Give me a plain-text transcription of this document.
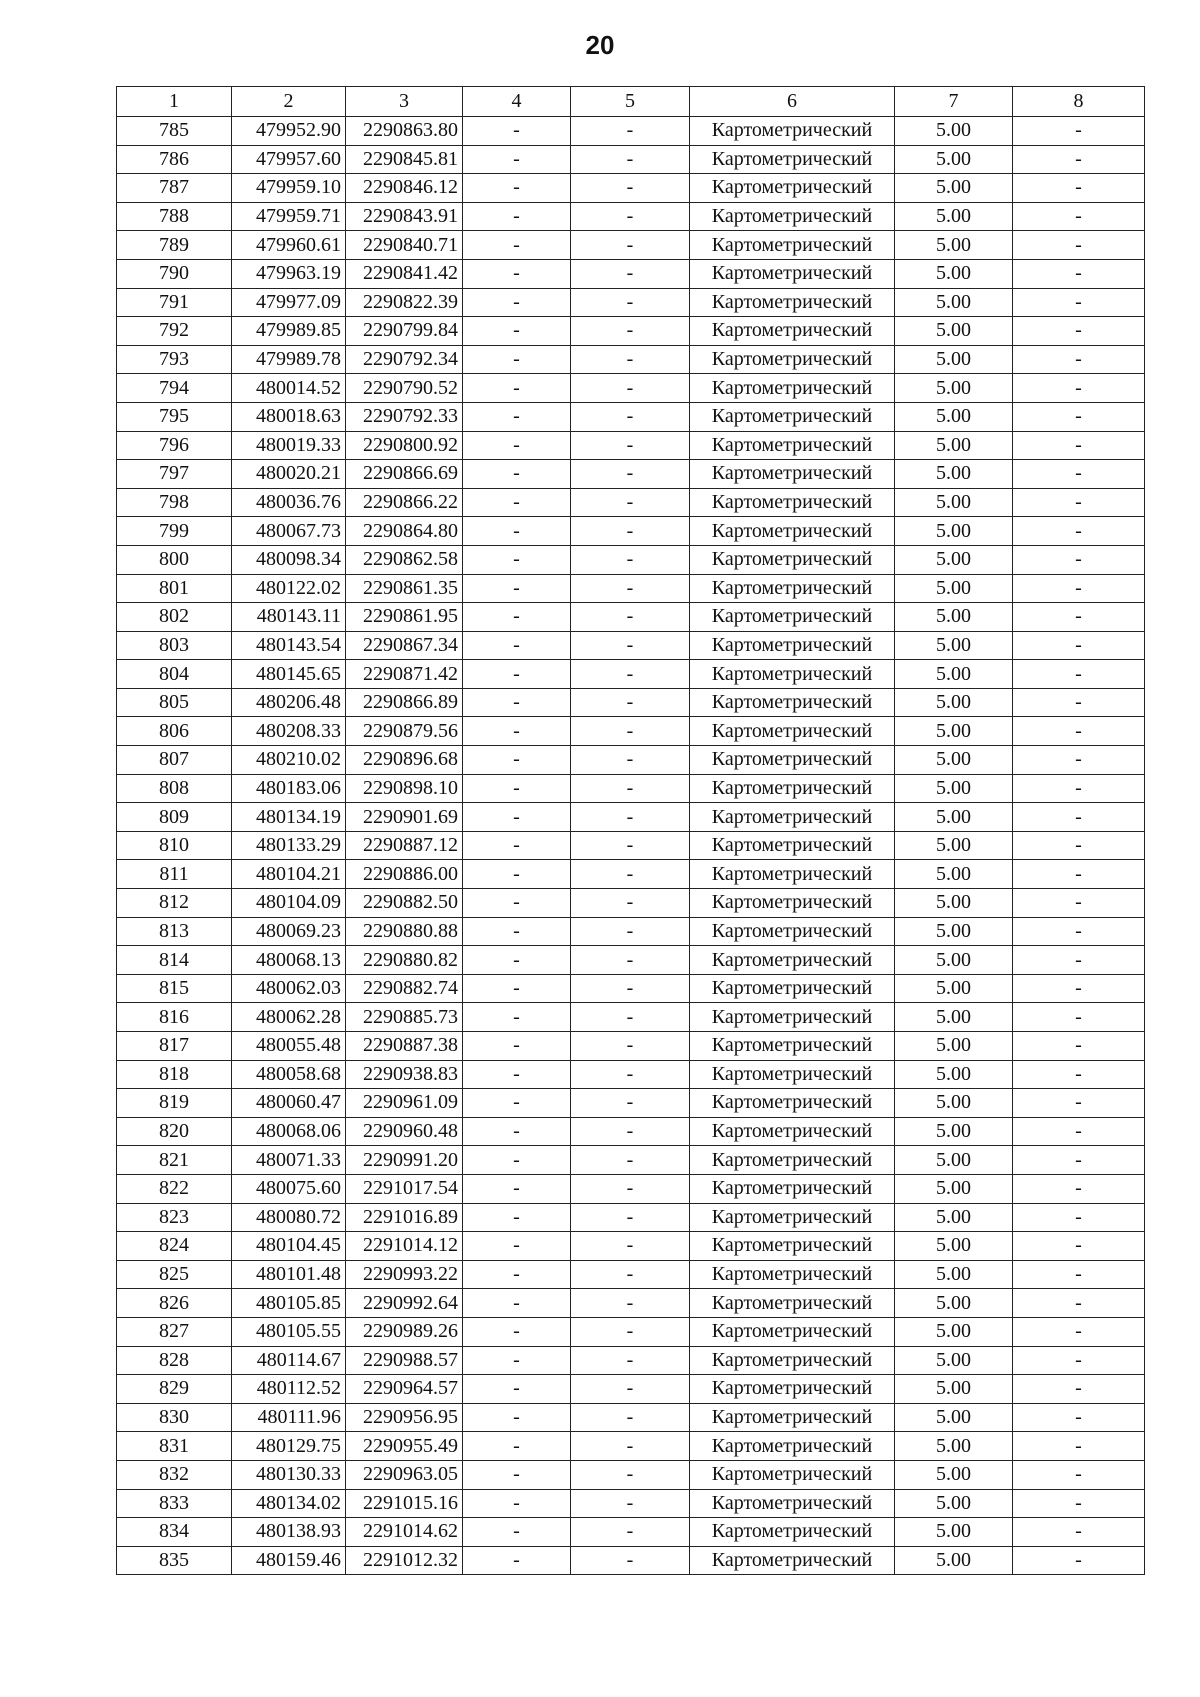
20
1	2	3	4	5	6	7	8
785	479952.90	2290863.80	-	-	Картометрический	5.00	-
786	479957.60	2290845.81	-	-	Картометрический	5.00	-
787	479959.10	2290846.12	-	-	Картометрический	5.00	-
788	479959.71	2290843.91	-	-	Картометрический	5.00	-
789	479960.61	2290840.71	-	-	Картометрический	5.00	-
790	479963.19	2290841.42	-	-	Картометрический	5.00	-
791	479977.09	2290822.39	-	-	Картометрический	5.00	-
792	479989.85	2290799.84	-	-	Картометрический	5.00	-
793	479989.78	2290792.34	-	-	Картометрический	5.00	-
794	480014.52	2290790.52	-	-	Картометрический	5.00	-
795	480018.63	2290792.33	-	-	Картометрический	5.00	-
796	480019.33	2290800.92	-	-	Картометрический	5.00	-
797	480020.21	2290866.69	-	-	Картометрический	5.00	-
798	480036.76	2290866.22	-	-	Картометрический	5.00	-
799	480067.73	2290864.80	-	-	Картометрический	5.00	-
800	480098.34	2290862.58	-	-	Картометрический	5.00	-
801	480122.02	2290861.35	-	-	Картометрический	5.00	-
802	480143.11	2290861.95	-	-	Картометрический	5.00	-
803	480143.54	2290867.34	-	-	Картометрический	5.00	-
804	480145.65	2290871.42	-	-	Картометрический	5.00	-
805	480206.48	2290866.89	-	-	Картометрический	5.00	-
806	480208.33	2290879.56	-	-	Картометрический	5.00	-
807	480210.02	2290896.68	-	-	Картометрический	5.00	-
808	480183.06	2290898.10	-	-	Картометрический	5.00	-
809	480134.19	2290901.69	-	-	Картометрический	5.00	-
810	480133.29	2290887.12	-	-	Картометрический	5.00	-
811	480104.21	2290886.00	-	-	Картометрический	5.00	-
812	480104.09	2290882.50	-	-	Картометрический	5.00	-
813	480069.23	2290880.88	-	-	Картометрический	5.00	-
814	480068.13	2290880.82	-	-	Картометрический	5.00	-
815	480062.03	2290882.74	-	-	Картометрический	5.00	-
816	480062.28	2290885.73	-	-	Картометрический	5.00	-
817	480055.48	2290887.38	-	-	Картометрический	5.00	-
818	480058.68	2290938.83	-	-	Картометрический	5.00	-
819	480060.47	2290961.09	-	-	Картометрический	5.00	-
820	480068.06	2290960.48	-	-	Картометрический	5.00	-
821	480071.33	2290991.20	-	-	Картометрический	5.00	-
822	480075.60	2291017.54	-	-	Картометрический	5.00	-
823	480080.72	2291016.89	-	-	Картометрический	5.00	-
824	480104.45	2291014.12	-	-	Картометрический	5.00	-
825	480101.48	2290993.22	-	-	Картометрический	5.00	-
826	480105.85	2290992.64	-	-	Картометрический	5.00	-
827	480105.55	2290989.26	-	-	Картометрический	5.00	-
828	480114.67	2290988.57	-	-	Картометрический	5.00	-
829	480112.52	2290964.57	-	-	Картометрический	5.00	-
830	480111.96	2290956.95	-	-	Картометрический	5.00	-
831	480129.75	2290955.49	-	-	Картометрический	5.00	-
832	480130.33	2290963.05	-	-	Картометрический	5.00	-
833	480134.02	2291015.16	-	-	Картометрический	5.00	-
834	480138.93	2291014.62	-	-	Картометрический	5.00	-
835	480159.46	2291012.32	-	-	Картометрический	5.00	-
